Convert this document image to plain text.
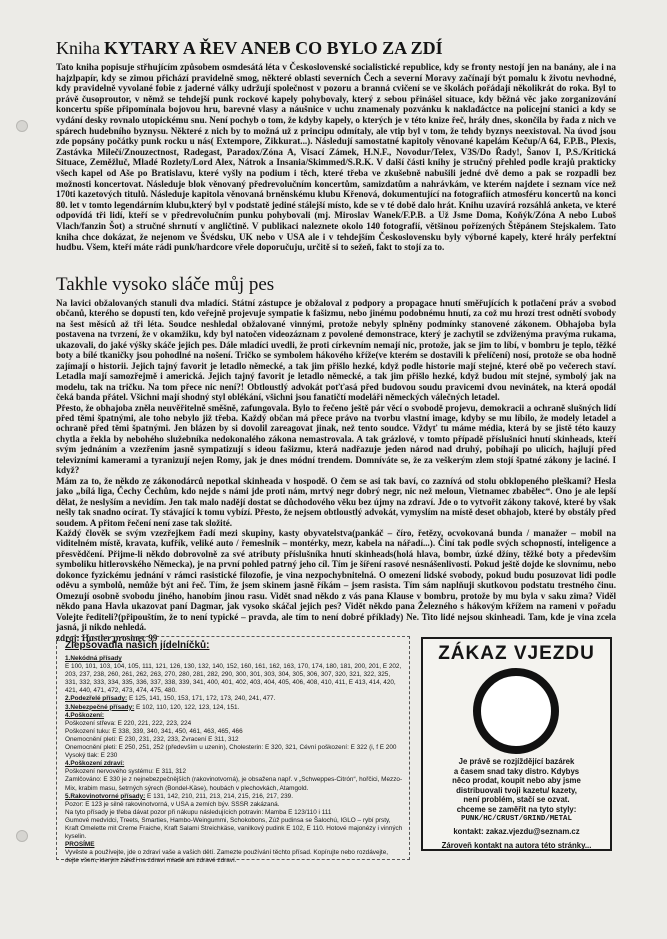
Kniha KYTARY A ŘEV ANEB CO BYLO ZA ZDÍ
Tato kniha popisuje střhujícím způsobem osmdesátá léta v Československé socialistické republice, kdy se fronty nestojí jen na banány, ale i na hajzlpapír, kdy se zimou přichází pravidelně smog, některé oblasti severních Čech a severní Moravy začínají být pomalu k životu nevhodné, kdy pravidelně vyvolané fobie z jaderné války udržují společnost v pozoru a branná cvičení se ve školách pořádají několikrát do roka. Byl to právě čusoproutor, v němž se tehdejší punk rockové kapely pohybovaly, který z sebou přinášel situace, kdy běžná věc jako zorganizování koncertu spíše připomínala bojovou hru, barevné vlasy a náušnice v uchu znamenaly pozvánku k naklađáctce na policejní stanici a kdy se vydání desky rovnalo utopickému snu. Není pochyb o tom, že kdyby kapely, o kterých je v této knize řeč, hrály dnes, skončila by řada z nich ve spárech hudebního byznysu. Některé z nich by to možná už z principu odmítaly, ale vtip byl v tom, že tehdy byznys neexistoval. Na úvod jsou zde popsány počátky punk rocku u nás( Extempore, Zikkurat...). Následují samostatné kapitoly věnované kapelám Kečup/A 64, F.P.B., Plexis, Zastávka Milečí/Znouzectnost, Radegast, Paradox/Zóna A, Visací Zámek, H.N.F., Novodur/Telex, V3S/Do Řady!, Šanov I, P.S./Kritická Situace, Zeměžluč, Mladé Rozlety/Lord Alex, Nátrok a Insania/Skimmed/S.R.K. V další části knihy je stručný přehled podle krajů prakticky všech kapel od Aše po Bratislavu, které vyšly na podium i těch, které třeba ve zkušebně nabušili jedné dvě demo a pak se rozpadli bez možnosti koncertovat. Následuje blok věnovaný předrevolučním koncertům, samizdatům a nahrávkám, ve kterém najdete i seznam více než 170ti kazetových titulů. Následuje kapitola věnovaná brněnskému klubu Křenová, dokumentující na fotografiích atmosféru koncertů na konci 80. let v tomto legendárním klubu,který byl v podstatě jediné stálejší místo, kde se v té době dalo hrát. Knihu uzavírá rozsáhlá anketa, ve které odpovídá tři lidí, kteří se v předrevolučním punku pohybovali (mj. Miroslav Wanek/F.P.B. a Už Jsme Doma, Koňýk/Zóna A nebo Luboš Vlach/fanzin Šot) a stručné shrnutí v angličtině. V publikaci naleznete okolo 140 fotografií, většinou pořízených Štěpánem Stejskalem. Tato kniha chce dokázat, že nejenom ve Švédsku, UK nebo v USA ale i v tehdejším Československu byly výborné kapely, které hrály perfektní hudbu. Všem, kteří máte rádi punk/hardcore vřele doporučuju, určitě si to sežeň, fakt to stojí za to.
Takhle vysoko sláče můj pes
Na lavici obžalovaných stanuli dva mladíci. Státní zástupce je obžaloval z podpory a propagace hnutí směřujících k potlačení práv a svobod občanů, kterého se dopustí ten, kdo veřejně projevuje sympatie k fašizmu, nebo jinému podobnému hnutí, za což mu hrozí trest odnětí svobody na šest měsíců až tři léta. Soudce neshledal obžalované vinnými, protože nebyly splněny podmínky stanovené zákonem. Obhajoba byla postavena na tvrzení, že v okamžiku, kdy byl natočen videozáznam z povolené demonstrace, který je zachytil se zdviženýma pravýma rukama, ukazovali, do jaké výšky skáče jejich pes. Dále mladíci uvedli, že proti církevním nemají nic, protože, jak se jim to líbí, v bombru je teplo, těžké boty a bílé tkaničky jsou pohodlné na nošení. Tričko se symbolem hákového kříže(ve kterém se dostavili k přelíčení) nosí, protože se oba hodně zajímají o historii. Jejich tajný favorit je letadlo německé, a tak jim přišlo hezké, když podle historie mají stejné, které obě po večerech staví. Letadla mají samozřejmě i americká. Jejich tajný favorit je letadlo německé, a tak jim přišlo hezké, když budou mít stejné, symbolý jak na modelu, tak na tričku. Na tom přece nic není?! Obtloustlý advokát poťťasá před budovou soudu pravicemi dvou nevinátek, na která opodál čeká banda přátel. Všichni mají shodný styl oblékání, všichni jsou fanatičtí modeláři německých válečných letadel.
Přesto, že obhajoba zněla neuvěřitelně směšně, zafungovala. Bylo to řečeno ještě pár věcí o svobodě projevu, demokracii a ochraně slušných lidí před těmi špatnými, ale toho nebylo již třeba. Každý občan má přece právo na tvorbu vlastní image, kdyby se mu líbilo, že modely letadel a ochraně před těmi špatnými. Jen blázen by si dovolil zareagovat jinak, než tento soudce. Vždyť tu máme média, která by se jistě této kauzy chytla a řekla by nebohého služebníka nedokonalého zákona nemastrovala. A tak grázlové, v tomto případě příslušníci hnutí skinheads, kteří svým jednáním a vzezřením jasně sympatizují s ideou fašizmu, která nadřazuje jeden národ nad druhý, pobíhají po ulicích, hajlují před televizními kamerami a tyranizují nejen Romy, jak je dnes módní trendem. Domníváte se, že za veškerým zlem stojí špatné zákony je laciné. I když?
Mám za to, že někdo ze zákonodárců nepotkal skinheada v hospodě. O čem se asi tak baví, co zaznívá od stolu obklopeného pleškami? Hesla jako „bílá liga, Čechy Čechům, kdo nejde s námi jde proti nám, mrtvý negr dobrý negr, nic než meloun, Vietnamec zbabělec“. Ono je ale lepší dělat, že neslyším a nevidím. Jen tak malo nadějí dostat se důchodového věku bez újmy na zdraví. Jde o to vytvořit zákony takové, které by však nešly tak snadno ocírat. Ty stávající k tomu vybízí. Přesto, že nejsem obtloustlý advokát, vymyslím na místě deset obhajob, které by obstály před soudem. A přitom řečení není zase tak složité.
Každý člověk se svým vzezřejkem řadí mezi skupiny, kasty obyvatelstva(pankáč – číro, řetězy, ocvokovaná bunda / manažer – mobil na viditelném místě, kravata, kufřík, veliké auto / řemeslník – montérky, mezr, kabela na nářadí...). Činí tak podle svých schopností, inteligence a přesvědčení. Přijme-li někdo dobrovolně za své atributy příslušníka hnutí skinheads(holá hlava, bombr, úzké džíny, těžké boty a především symboliku hitlerovského Německa), je na první pohled patrný jeho cíl. Tím je šíření rasové nesnášenlivosti. Pokud ještě dojde ke slovnímu, nebo dokonce fyzickému jednání v rámci rasistické filozofie, je vina nezpochybnitelná. O omezení lidské svobody, pokud budu posuzovat lidi podle oděvu a symbolů, nemůže být ani řeč. Tím, že jsem skinem jasně říkám – jsem rasista. Tím sám naplňuji skutkovou podstatu trestného činu. Omezují osobně svobodu jiného, hanobím jinou rasu. Vidět snad někdo z vás pana Klause v bombru, protože by mu byla v saku zima? Viděl někdo pana Havla ukazovat paní Dagmar, jak vysoko skáčal jejich pes? Vidět někdo pana Železného s hákovým křížem na rameni v pořadu Volejte řediteli?(připouštím, že to není typické – pravda, ale tím to není dobré příklady) Ne. Tito lidé nejsou skinheadi. Tam, kde je vina zcela jasná, ji nikdo nehledá.
zdroj: Hustler prosinec 99
Zlepšovadla našich jídelníčků:
1.Nekódná přísady
E 100, 101, 103, 104, 105, 111, 121, 126, 130, 132, 140, 152, 160, 161, 162, 163, 170, 174, 180, 181, 200, 201, E 202, 203, 237, 238, 260, 261, 262, 263, 270, 280, 281, 282, 290, 300, 301, 303, 304, 305, 306, 307, 320, 321, 322, 325, 331, 332, 333, 334, 335, 336, 337, 338, 339, 341, 400, 401, 402, 403, 404, 405, 406, 408, 410, 411, E 413, 414, 420, 421, 440, 471, 472, 473, 474, 475, 480.
2.Podezřelé přísady: E 125, 141, 150, 153, 171, 172, 173, 240, 241, 477.
3.Nebezpečné přísady: E 102, 110, 120, 122, 123, 124, 151.
4.Poškození:
Poškození střeva: E 220, 221, 222, 223, 224
Poškození tuku: E 338, 339, 340, 341, 450, 461, 463, 465, 466
Onemocnění pleti: E 230, 231, 232, 233, Zvracení E 311, 312
Onemocnění pleti: E 250, 251, 252 (především u uzenin), Cholesterin: E 320, 321, Cévní poškození: E 322 (i, f E 200
Vysoký tlak: E 230
4.Poškození zdraví:
Poškození nervového systému: E 311, 312
Zamlčováno: E 330 je z nejnebezpečnějších (rakovinotvorná), je obsažena např. v „Schweppes-Citrón“, hořčici, Mezzo-Mix, krabim masu, šetrných sýrech (Bondel-Käse), houbách v plechovkách, Atamgold.
5.Rakovinotvorné přísady: E 131, 142, 210, 211, 213, 214, 215, 216, 217, 239.
Pozor: E 123 je silně rakovinotvorná, v USA a zemích býv. SSSR zakázaná.
Na tyto přísady je třeba dávat pozor při nákupu následujících potravin: Mamba E 123/110 i 111
Gumové medvídci, Treets, Smarties, Hambo-Weingummi, Schokobons, Zúž pudinsa se Šalochú, IGLO – rybí prsty, Kraft Omelette mit Creme Fraiche, Kraft Salami Streichkäse, vanilkový pudink E 102, E 110. Hotové majonézy i vinných kyselin.
PROSÍME
Vyvěste a používejte, jde o zdraví vaše a vašich dětí. Zamezte používání těchto přísad. Kopírujte nebo rozdávejte, dejte všem, kterým záleží na zdraví mladé ani zdravé zdraví.
ZÁKAZ VJEZDU
Je právě se rozjíždějící bazárek
a časem snad taky distro. Kdybys
něco prodat, koupit nebo aby jsme
distribuovali tvoji kazetu/ kazety,
není problém, stačí se ozvat.
chceme se zaměřit na tyto styly:
PUNK/HC/CRUST/GRIND/METAL
kontakt: zakaz.vjezdu@seznam.cz
Zároveň kontakt na autora této stránky...
